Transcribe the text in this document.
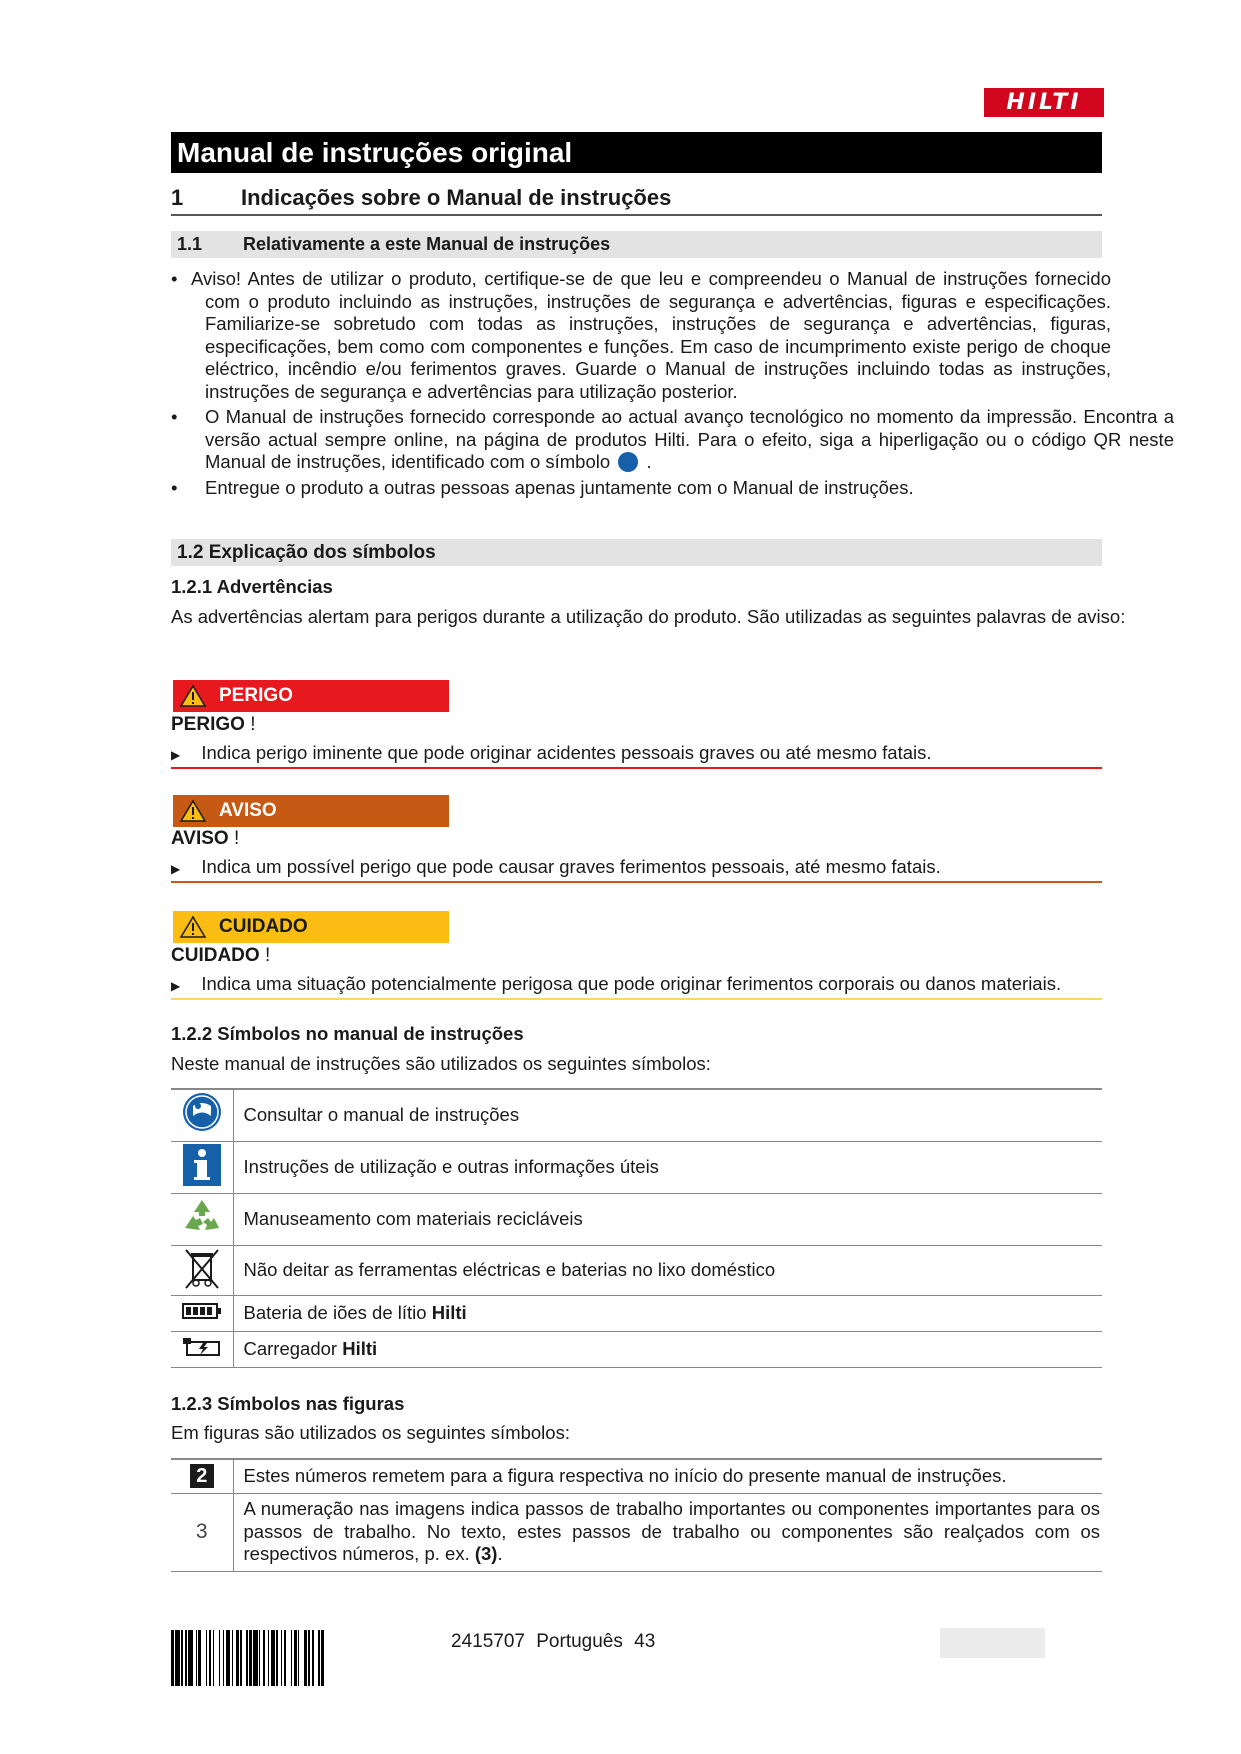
HILTI
Manual de instruções original
1	Indicações sobre o Manual de instruções
1.1 Relativamente a este Manual de instruções
• Aviso! Antes de utilizar o produto, certifique-se de que leu e compreendeu o Manual de instruções fornecido com o produto incluindo as instruções, instruções de segurança e advertências, figuras e especificações. Familiarize-se sobretudo com todas as instruções, instruções de segurança e advertências, figuras, especificações, bem como com componentes e funções. Em caso de incumprimento existe perigo de choque eléctrico, incêndio e/ou ferimentos graves. Guarde o Manual de instruções incluindo todas as instruções, instruções de segurança e advertências para utilização posterior.
• O Manual de instruções fornecido corresponde ao actual avanço tecnológico no momento da impressão. Encontra a versão actual sempre online, na página de produtos Hilti. Para o efeito, siga a hiperligação ou o código QR neste Manual de instruções, identificado com o símbolo .
• Entregue o produto a outras pessoas apenas juntamente com o Manual de instruções.
1.2 Explicação dos símbolos
1.2.1 Advertências
As advertências alertam para perigos durante a utilização do produto. São utilizadas as seguintes palavras de aviso:
PERIGO
PERIGO !
▶ Indica perigo iminente que pode originar acidentes pessoais graves ou até mesmo fatais.
AVISO
AVISO !
▶ Indica um possível perigo que pode causar graves ferimentos pessoais, até mesmo fatais.
CUIDADO
CUIDADO !
▶ Indica uma situação potencialmente perigosa que pode originar ferimentos corporais ou danos materiais.
1.2.2 Símbolos no manual de instruções
Neste manual de instruções são utilizados os seguintes símbolos:
	Consultar o manual de instruções
	Instruções de utilização e outras informações úteis
	Manuseamento com materiais recicláveis
	Não deitar as ferramentas eléctricas e baterias no lixo doméstico
	Bateria de iões de lítio Hilti
	Carregador Hilti
1.2.3 Símbolos nas figuras
Em figuras são utilizados os seguintes símbolos:
2	Estes números remetem para a figura respectiva no início do presente manual de instruções.
3	A numeração nas imagens indica passos de trabalho importantes ou componentes importantes para os passos de trabalho. No texto, estes passos de trabalho ou componentes são realçados com os respectivos números, p. ex. (3).
2415707 Português 43
